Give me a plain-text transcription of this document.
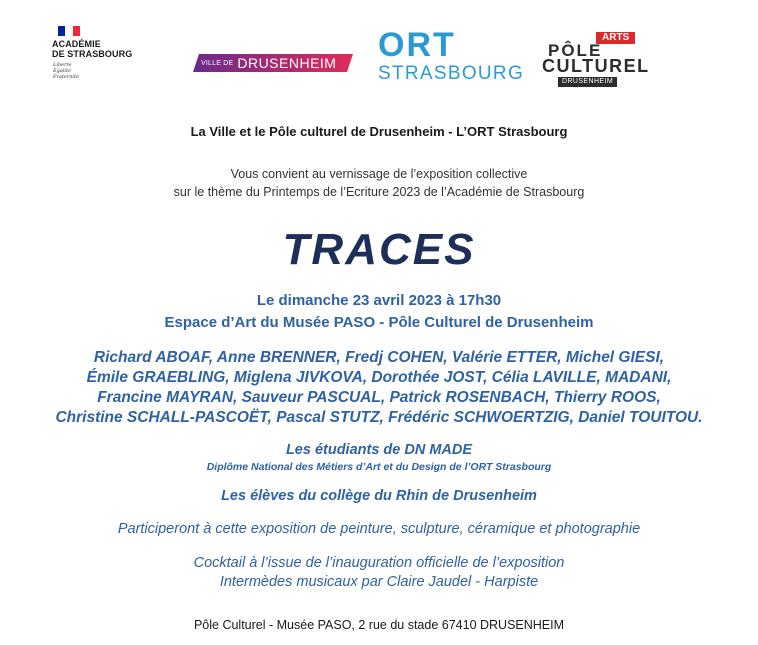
ACADÉMIE
DE STRASBOURG
Liberté
Égalité
Fraternité
VILLE DE DRUSENHEIM ORT
STRASBOURG
ARTS
PÔLE
CULTUREL
DRUSENHEIM
La Ville et le Pôle culturel de Drusenheim - L’ORT Strasbourg
Vous convient au vernissage de l’exposition collective
sur le thème du Printemps de l’Ecriture 2023 de l’Académie de Strasbourg
TRACES
Le dimanche 23 avril 2023 à 17h30
Espace d’Art du Musée PASO - Pôle Culturel de Drusenheim
Richard ABOAF, Anne BRENNER, Fredj COHEN, Valérie ETTER, Michel GIESI,
Émile GRAEBLING, Miglena JIVKOVA, Dorothée JOST, Célia LAVILLE, MADANI,
Francine MAYRAN, Sauveur PASCUAL, Patrick ROSENBACH, Thierry ROOS,
Christine SCHALL-PASCOËT, Pascal STUTZ, Frédéric SCHWOERTZIG, Daniel TOUITOU.
Les étudiants de DN MADE
Diplôme National des Métiers d’Art et du Design de l’ORT Strasbourg
Les élèves du collège du Rhin de Drusenheim
Participeront à cette exposition de peinture, sculpture, céramique et photographie
Cocktail à l’issue de l’inauguration officielle de l’exposition
Intermèdes musicaux par Claire Jaudel - Harpiste
Pôle Culturel - Musée PASO, 2 rue du stade 67410 DRUSENHEIM
